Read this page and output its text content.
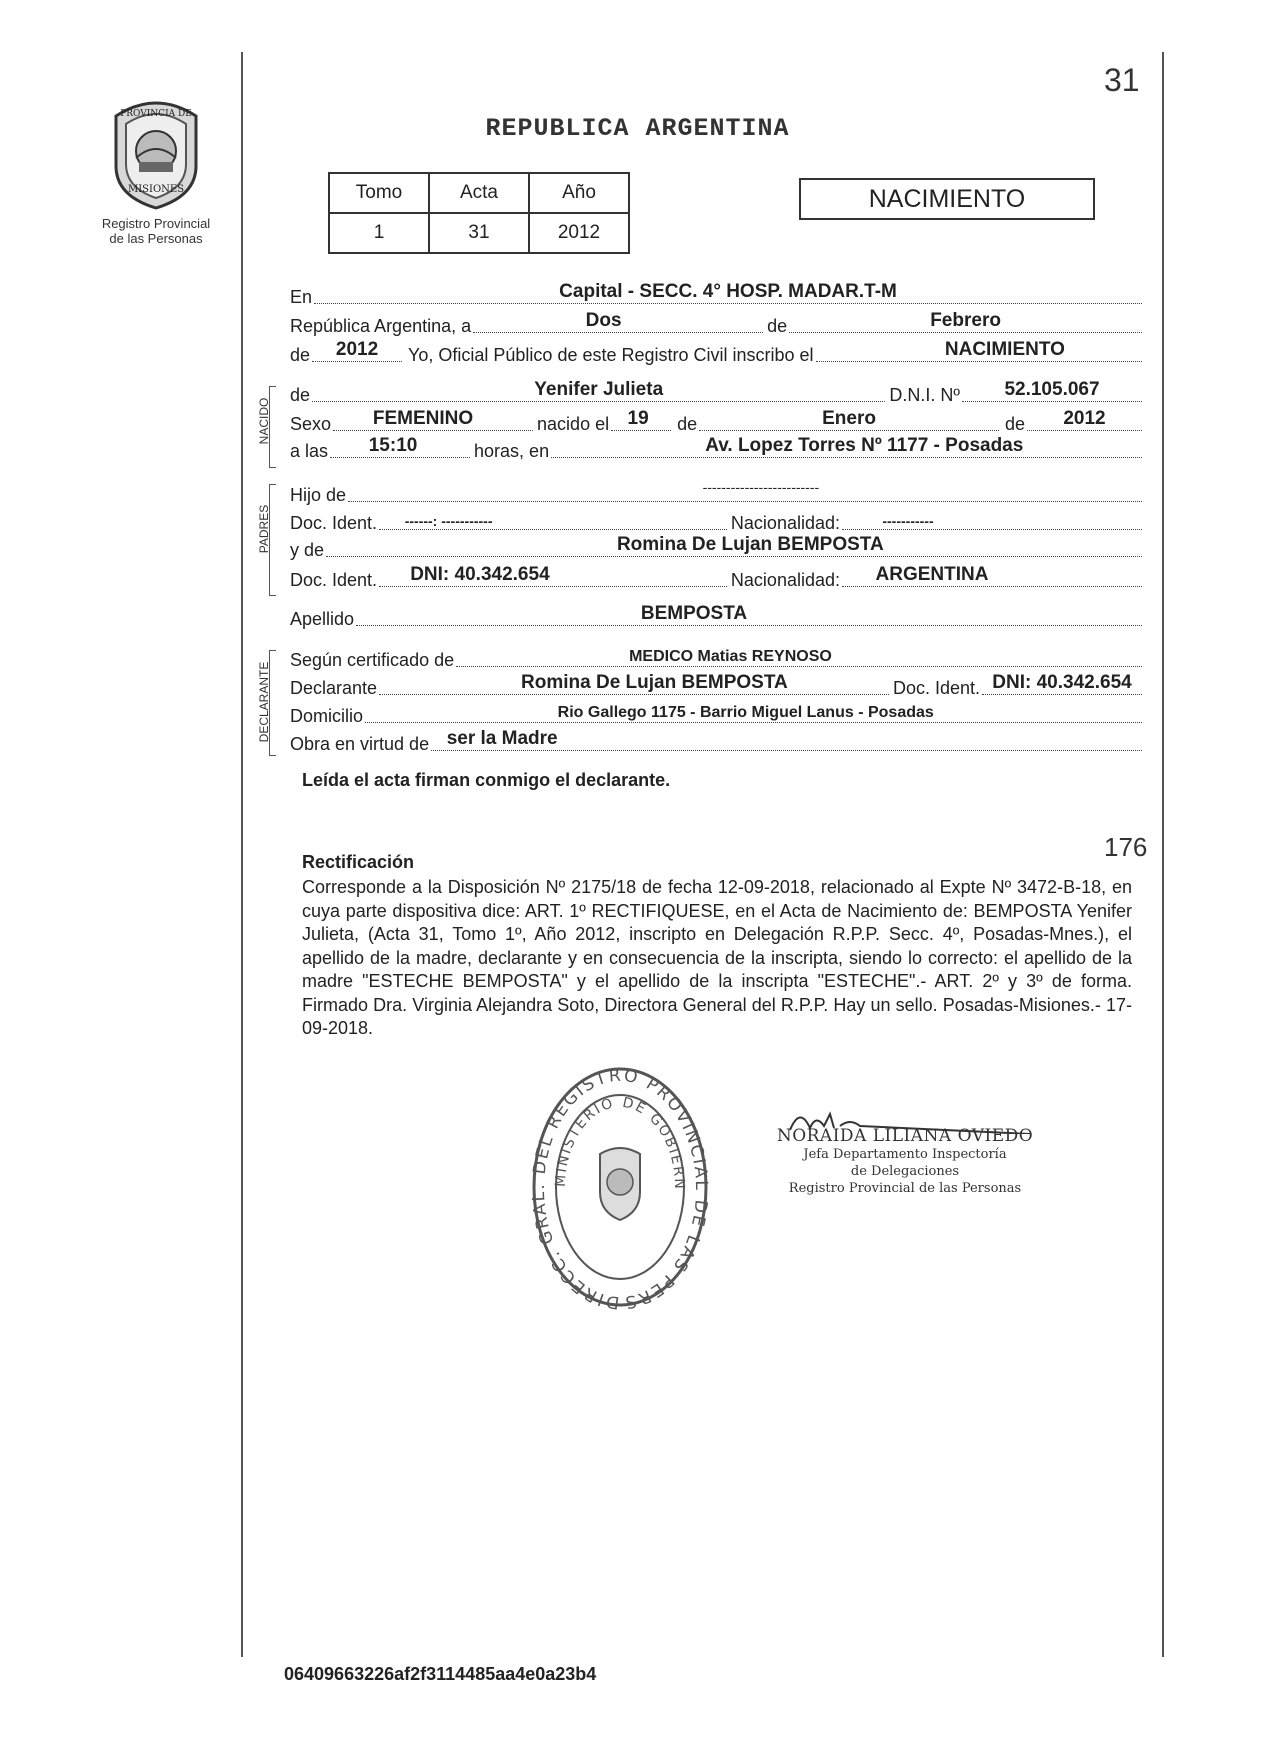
PROVINCIA DE
MISIONES
Registro Provincial
de las Personas
31
REPUBLICA ARGENTINA
Tomo	Acta	Año
1	31	2012
NACIMIENTO
En	Capital - SECC. 4° HOSP. MADAR.T-M
República Argentina, a	Dos	de	Febrero
de 2012	Yo, Oficial Público de este Registro Civil inscribo el	NACIMIENTO
NACIDO
de	Yenifer Julieta	D.N.I. Nº 52.105.067
Sexo FEMENINO	nacido el 19	de	Enero	de 2012
a las 15:10	horas, en	Av. Lopez Torres Nº 1177 - Posadas
PADRES
Hijo de	-------------------------
Doc. Ident. ------: -----------	Nacionalidad:	-----------
y de	Romina De Lujan BEMPOSTA
Doc. Ident. DNI: 40.342.654	Nacionalidad: ARGENTINA
Apellido	BEMPOSTA
DECLARANTE
Según certificado de	MEDICO Matias REYNOSO
Declarante	Romina De Lujan BEMPOSTA	Doc. Ident. DNI: 40.342.654
Domicilio	Rio Gallego 1175 - Barrio Miguel Lanus - Posadas
Obra en virtud de ser la Madre
Leída el acta firman conmigo el declarante.
176
Rectificación
Corresponde a la Disposición Nº 2175/18 de fecha 12-09-2018, relacionado al Expte Nº 3472-B-18, en cuya parte dispositiva dice: ART. 1º RECTIFIQUESE, en el Acta de Nacimiento de: BEMPOSTA Yenifer Julieta, (Acta 31, Tomo 1º, Año 2012, inscripto en Delegación R.P.P. Secc. 4º, Posadas-Mnes.), el apellido de la madre, declarante y en consecuencia de la inscripta, siendo lo correcto: el apellido de la madre "ESTECHE BEMPOSTA" y el apellido de la inscripta "ESTECHE".- ART. 2º y 3º de forma. Firmado Dra. Virginia Alejandra Soto, Directora General del R.P.P. Hay un sello. Posadas-Misiones.- 17-09-2018.
DIRECC. GRAL. DEL REGISTRO PROVINCIAL DE LAS PERS
MINISTERIO DE GOBIERN
NORAIDA LILIANA OVIEDO
Jefa Departamento Inspectoría
de Delegaciones
Registro Provincial de las Personas
06409663226af2f3114485aa4e0a23b4
